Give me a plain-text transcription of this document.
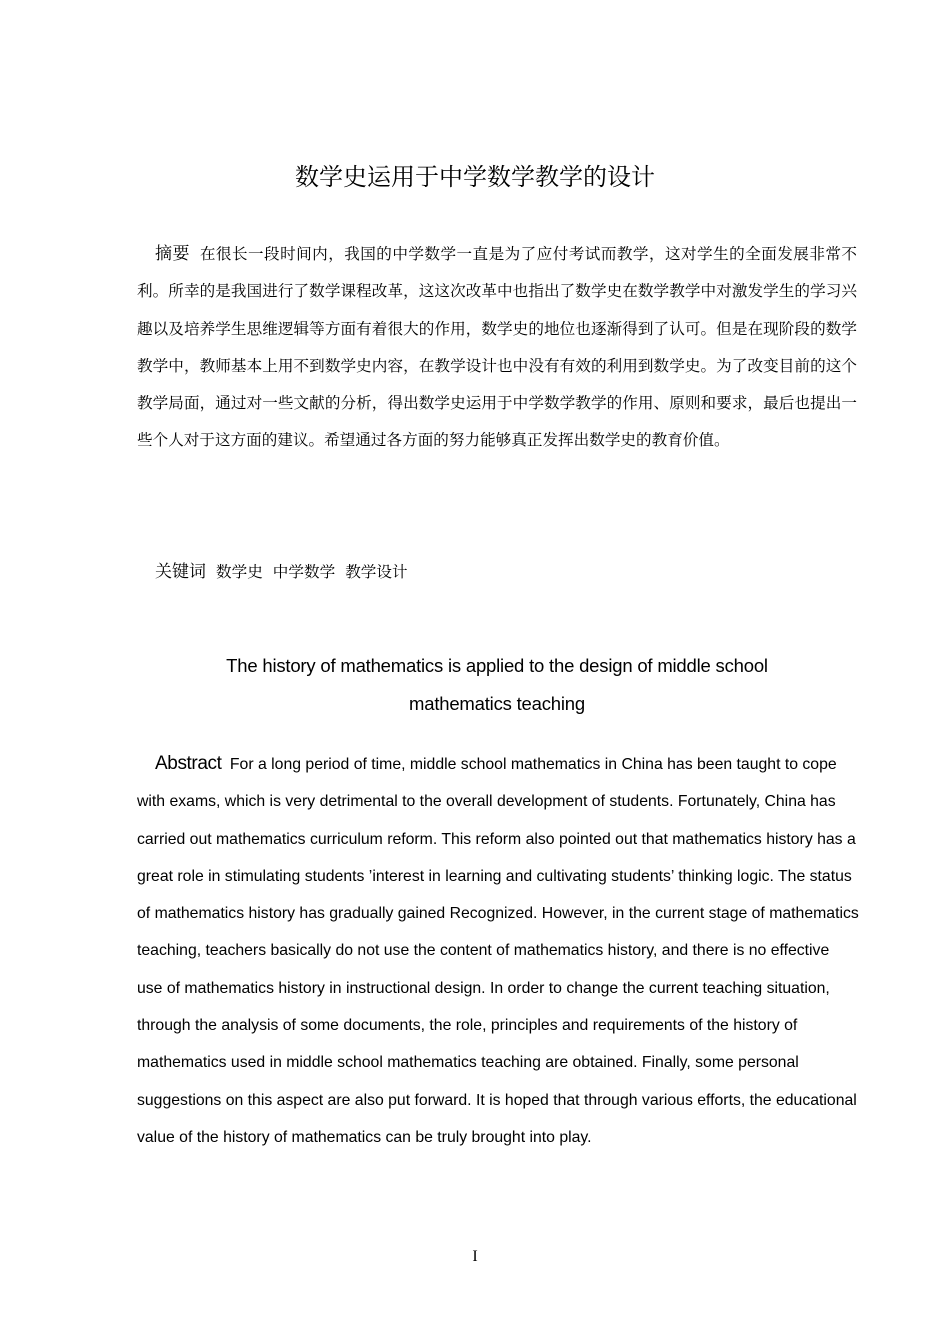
数学史运用于中学数学教学的设计

摘要 在很长一段时间内，我国的中学数学一直是为了应付考试而教学，这对学生的全面发展非常不利。所幸的是我国进行了数学课程改革，这这次改革中也指出了数学史在数学教学中对激发学生的学习兴趣以及培养学生思维逻辑等方面有着很大的作用，数学史的地位也逐渐得到了认可。但是在现阶段的数学教学中，教师基本上用不到数学史内容，在教学设计也中没有有效的利用到数学史。为了改变目前的这个教学局面，通过对一些文献的分析，得出数学史运用于中学数学教学的作用、原则和要求，最后也提出一些个人对于这方面的建议。希望通过各方面的努力能够真正发挥出数学史的教育价值。

关键词 数学史 中学数学 教学设计

The history of mathematics is applied to the design of middle school
mathematics teaching

Abstract For a long period of time, middle school mathematics in China has been taught to cope with exams, which is very detrimental to the overall development of students. Fortunately, China has carried out mathematics curriculum reform. This reform also pointed out that mathematics history has a great role in stimulating students ’interest in learning and cultivating students’ thinking logic. The status of mathematics history has gradually gained Recognized. However, in the current stage of mathematics teaching, teachers basically do not use the content of mathematics history, and there is no effective use of mathematics history in instructional design. In order to change the current teaching situation, through the analysis of some documents, the role, principles and requirements of the history of mathematics used in middle school mathematics teaching are obtained. Finally, some personal suggestions on this aspect are also put forward. It is hoped that through various efforts, the educational value of the history of mathematics can be truly brought into play.

I
